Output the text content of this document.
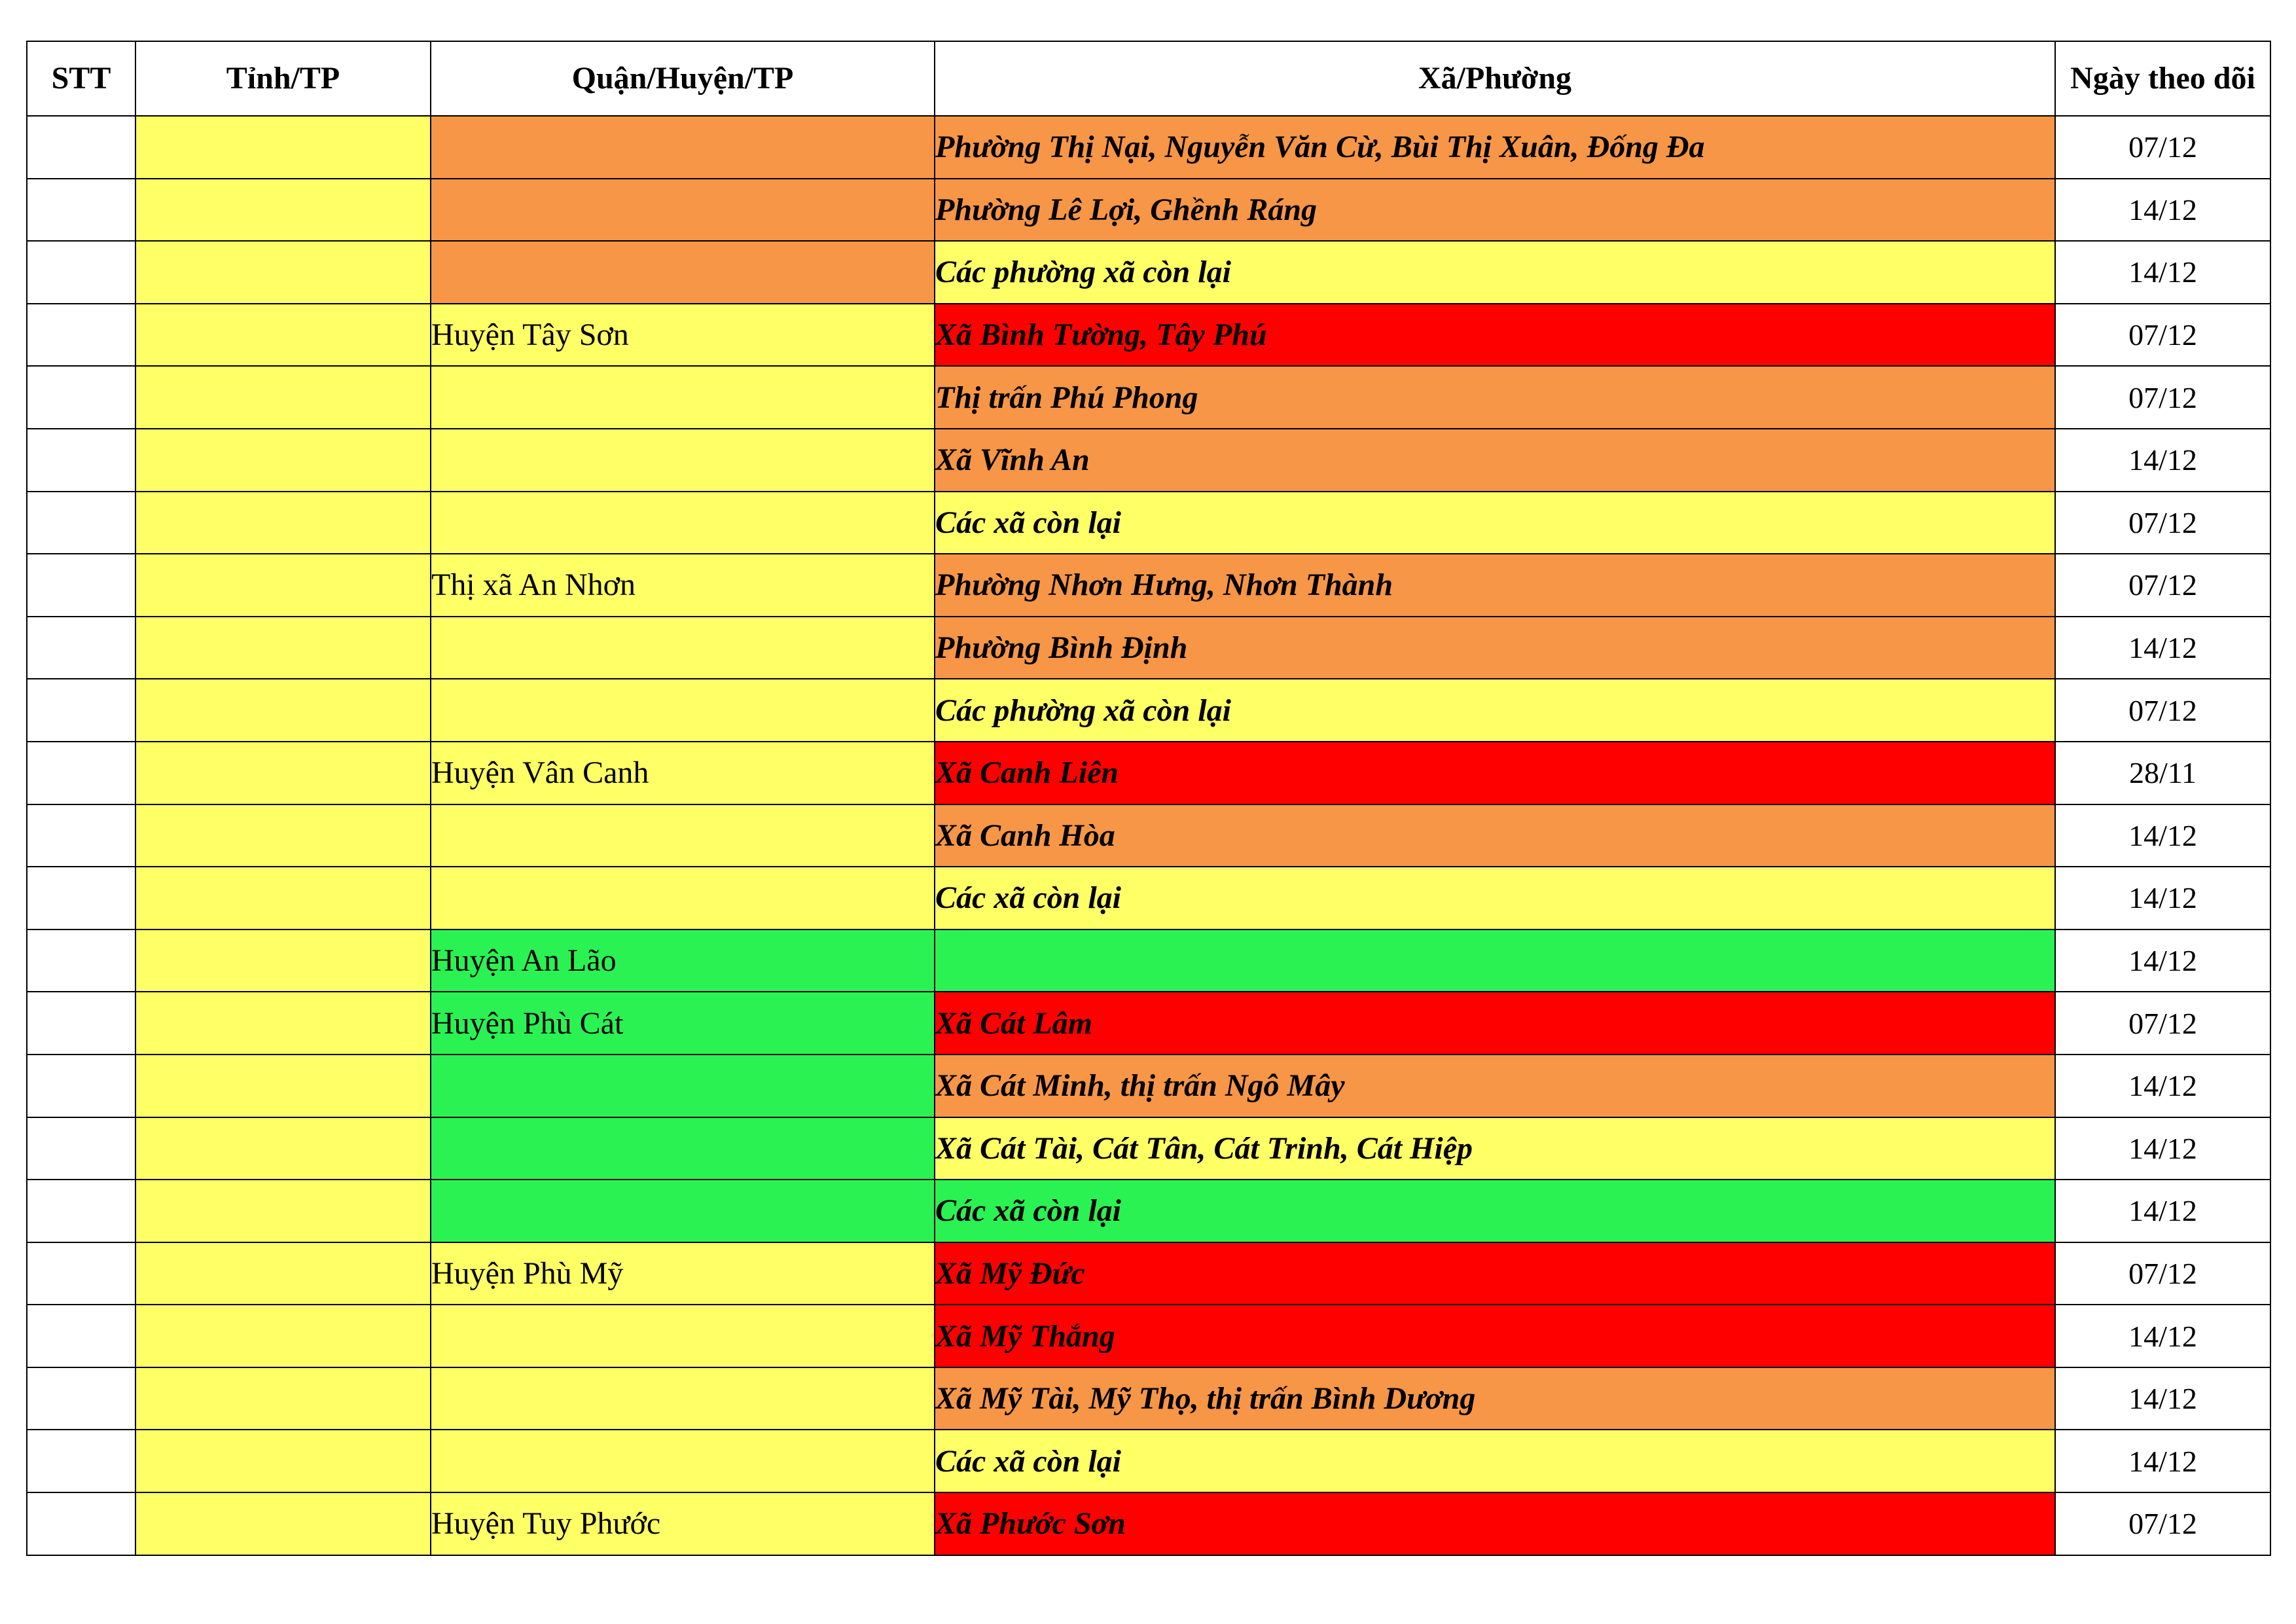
STT	Tỉnh/TP	Quận/Huyện/TP	Xã/Phường	Ngày theo dõi
			Phường Thị Nại, Nguyễn Văn Cừ, Bùi Thị Xuân, Đống Đa	07/12
			Phường Lê Lợi, Ghềnh Ráng	14/12
			Các phường xã còn lại	14/12
		Huyện Tây Sơn	Xã Bình Tường, Tây Phú	07/12
			Thị trấn Phú Phong	07/12
			Xã Vĩnh An	14/12
			Các xã còn lại	07/12
		Thị xã An Nhơn	Phường Nhơn Hưng, Nhơn Thành	07/12
			Phường Bình Định	14/12
			Các phường xã còn lại	07/12
		Huyện Vân Canh	Xã Canh Liên	28/11
			Xã Canh Hòa	14/12
			Các xã còn lại	14/12
		Huyện An Lão		14/12
		Huyện Phù Cát	Xã Cát Lâm	07/12
			Xã Cát Minh, thị trấn Ngô Mây	14/12
			Xã Cát Tài, Cát Tân, Cát Trinh, Cát Hiệp	14/12
			Các xã còn lại	14/12
		Huyện Phù Mỹ	Xã Mỹ Đức	07/12
			Xã Mỹ Thắng	14/12
			Xã Mỹ Tài, Mỹ Thọ, thị trấn Bình Dương	14/12
			Các xã còn lại	14/12
		Huyện Tuy Phước	Xã Phước Sơn	07/12
